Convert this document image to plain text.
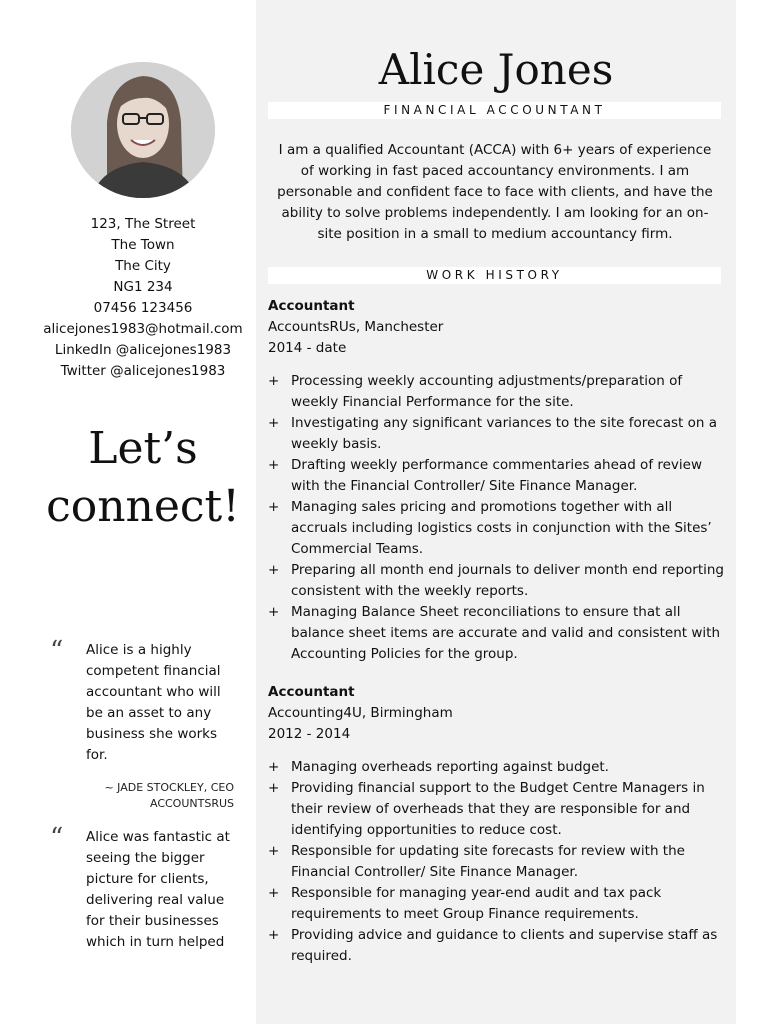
123, The Street
The Town
The City
NG1 234
07456 123456
alicejones1983@hotmail.com
LinkedIn @alicejones1983
Twitter @alicejones1983
Let’s
connect!
“ Alice is a highly competent financial accountant who will be an asset to any business she works for.
~ JADE STOCKLEY, CEO
ACCOUNTSRUS
“ Alice was fantastic at seeing the bigger picture for clients, delivering real value for their businesses which in turn helped
Alice Jones
FINANCIAL ACCOUNTANT
I am a qualified Accountant (ACCA) with 6+ years of experience of working in fast paced accountancy environments. I am personable and confident face to face with clients, and have the ability to solve problems independently. I am looking for an on-site position in a small to medium accountancy firm.
WORK HISTORY
Accountant
AccountsRUs, Manchester
2014 - date
+ Processing weekly accounting adjustments/preparation of weekly Financial Performance for the site.
+ Investigating any significant variances to the site forecast on a weekly basis.
+ Drafting weekly performance commentaries ahead of review with the Financial Controller/ Site Finance Manager.
+ Managing sales pricing and promotions together with all accruals including logistics costs in conjunction with the Sites’ Commercial Teams.
+ Preparing all month end journals to deliver month end reporting consistent with the weekly reports.
+ Managing Balance Sheet reconciliations to ensure that all balance sheet items are accurate and valid and consistent with Accounting Policies for the group.
Accountant
Accounting4U, Birmingham
2012 - 2014
+ Managing overheads reporting against budget.
+ Providing financial support to the Budget Centre Managers in their review of overheads that they are responsible for and identifying opportunities to reduce cost.
+ Responsible for updating site forecasts for review with the Financial Controller/ Site Finance Manager.
+ Responsible for managing year-end audit and tax pack requirements to meet Group Finance requirements.
+ Providing advice and guidance to clients and supervise staff as required.
